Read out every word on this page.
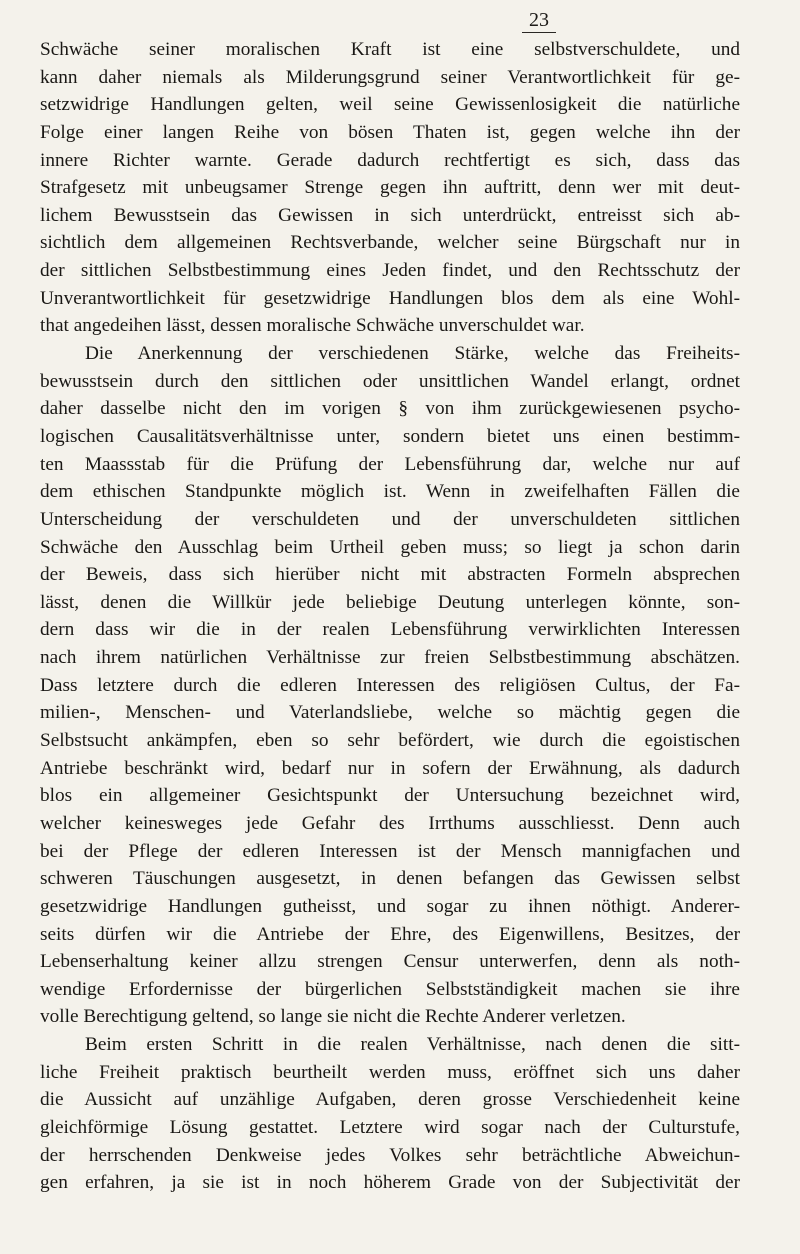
23
Schwäche seiner moralischen Kraft ist eine selbstverschuldete, und
kann daher niemals als Milderungsgrund seiner Verantwortlichkeit für ge-
setzwidrige Handlungen gelten, weil seine Gewissenlosigkeit die natürliche
Folge einer langen Reihe von bösen Thaten ist, gegen welche ihn der
innere Richter warnte. Gerade dadurch rechtfertigt es sich, dass das
Strafgesetz mit unbeugsamer Strenge gegen ihn auftritt, denn wer mit deut-
lichem Bewusstsein das Gewissen in sich unterdrückt, entreisst sich ab-
sichtlich dem allgemeinen Rechtsverbande, welcher seine Bürgschaft nur in
der sittlichen Selbstbestimmung eines Jeden findet, und den Rechtsschutz der
Unverantwortlichkeit für gesetzwidrige Handlungen blos dem als eine Wohl-
that angedeihen lässt, dessen moralische Schwäche unverschuldet war.
Die Anerkennung der verschiedenen Stärke, welche das Freiheits-
bewusstsein durch den sittlichen oder unsittlichen Wandel erlangt, ordnet
daher dasselbe nicht den im vorigen § von ihm zurückgewiesenen psycho-
logischen Causalitätsverhältnisse unter, sondern bietet uns einen bestimm-
ten Maassstab für die Prüfung der Lebensführung dar, welche nur auf
dem ethischen Standpunkte möglich ist. Wenn in zweifelhaften Fällen die
Unterscheidung der verschuldeten und der unverschuldeten sittlichen
Schwäche den Ausschlag beim Urtheil geben muss; so liegt ja schon darin
der Beweis, dass sich hierüber nicht mit abstracten Formeln absprechen
lässt, denen die Willkür jede beliebige Deutung unterlegen könnte, son-
dern dass wir die in der realen Lebensführung verwirklichten Interessen
nach ihrem natürlichen Verhältnisse zur freien Selbstbestimmung abschätzen.
Dass letztere durch die edleren Interessen des religiösen Cultus, der Fa-
milien-, Menschen- und Vaterlandsliebe, welche so mächtig gegen die
Selbstsucht ankämpfen, eben so sehr befördert, wie durch die egoistischen
Antriebe beschränkt wird, bedarf nur in sofern der Erwähnung, als dadurch
blos ein allgemeiner Gesichtspunkt der Untersuchung bezeichnet wird,
welcher keinesweges jede Gefahr des Irrthums ausschliesst. Denn auch
bei der Pflege der edleren Interessen ist der Mensch mannigfachen und
schweren Täuschungen ausgesetzt, in denen befangen das Gewissen selbst
gesetzwidrige Handlungen gutheisst, und sogar zu ihnen nöthigt. Anderer-
seits dürfen wir die Antriebe der Ehre, des Eigenwillens, Besitzes, der
Lebenserhaltung keiner allzu strengen Censur unterwerfen, denn als noth-
wendige Erfordernisse der bürgerlichen Selbstständigkeit machen sie ihre
volle Berechtigung geltend, so lange sie nicht die Rechte Anderer verletzen.
Beim ersten Schritt in die realen Verhältnisse, nach denen die sitt-
liche Freiheit praktisch beurtheilt werden muss, eröffnet sich uns daher
die Aussicht auf unzählige Aufgaben, deren grosse Verschiedenheit keine
gleichförmige Lösung gestattet. Letztere wird sogar nach der Culturstufe,
der herrschenden Denkweise jedes Volkes sehr beträchtliche Abweichun-
gen erfahren, ja sie ist in noch höherem Grade von der Subjectivität der
